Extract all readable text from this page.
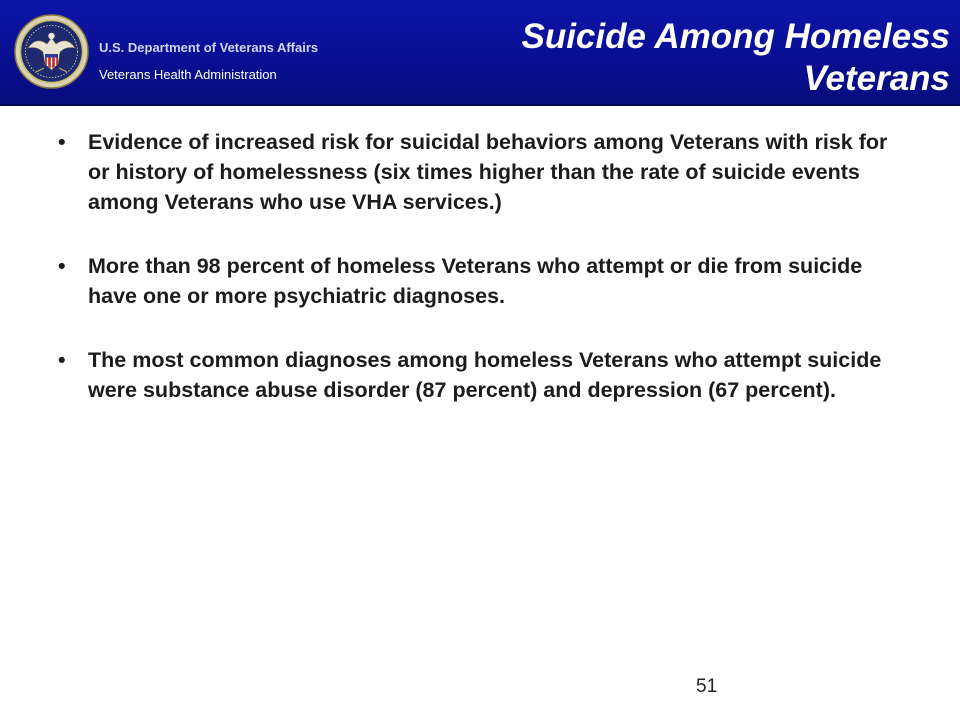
U.S. Department of Veterans Affairs
Veterans Health Administration
Suicide Among Homeless Veterans
• Evidence of increased risk for suicidal behaviors among Veterans with risk for or history of homelessness (six times higher than the rate of suicide events among Veterans who use VHA services.)
• More than 98 percent of homeless Veterans who attempt or die from suicide have one or more psychiatric diagnoses.
• The most common diagnoses among homeless Veterans who attempt suicide were substance abuse disorder (87 percent) and depression (67 percent).
51
